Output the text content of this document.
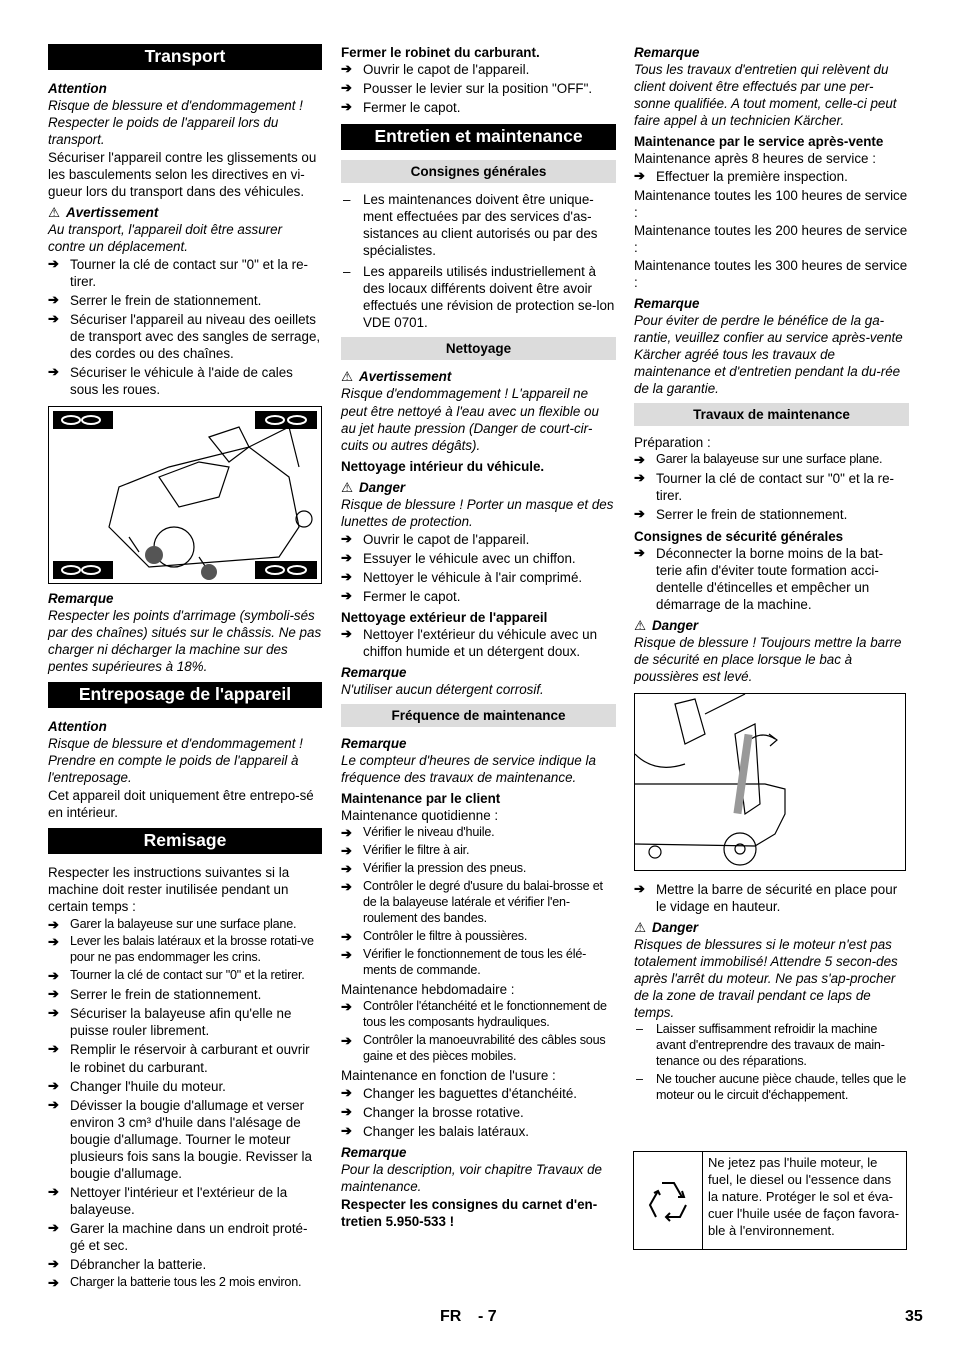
Transport
Attention

Risque de blessure et d'endommagement ! Respecter le poids de l'appareil lors du transport.

Sécuriser l'appareil contre les glissements ou les basculements selon les directives en vi-gueur lors du transport dans des véhicules.

⚠ Avertissement

Au transport, l'appareil doit être assurer contre un déplacement.

➔ Tourner la clé de contact sur "0" et la re-tirer.
➔ Serrer le frein de stationnement.
➔ Sécuriser l'appareil au niveau des oeillets de transport avec des sangles de serrage, des cordes ou des chaînes.
➔ Sécuriser le véhicule à l'aide de cales sous les roues.
Remarque

Respecter les points d'arrimage (symboli-sés par des chaînes) situés sur le châssis. Ne pas charger ni décharger la machine sur des pentes supérieures à 18%.

Entreposage de l'appareil
Attention

Risque de blessure et d'endommagement ! Prendre en compte le poids de l'appareil à l'entreposage.

Cet appareil doit uniquement être entrepo-sé en intérieur.

Remisage

Respecter les instructions suivantes si la machine doit rester inutilisée pendant un certain temps :

➔ Garer la balayeuse sur une surface plane.
➔ Lever les balais latéraux et la brosse rotati-ve pour ne pas endommager les crins.
➔ Tourner la clé de contact sur "0" et la retirer.
➔ Serrer le frein de stationnement.
➔ Sécuriser la balayeuse afin qu'elle ne puisse rouler librement.
➔ Remplir le réservoir à carburant et ouvrir le robinet du carburant.
➔ Changer l'huile du moteur.
➔ Dévisser la bougie d'allumage et verser environ 3 cm³ d'huile dans l'alésage de bougie d'allumage. Tourner le moteur plusieurs fois sans la bougie. Revisser la bougie d'allumage.
➔ Nettoyer l'intérieur et l'extérieur de la balayeuse.
➔ Garer la machine dans un endroit proté-gé et sec.
➔ Débrancher la batterie.
➔ Charger la batterie tous les 2 mois environ.
Fermer le robinet du carburant.
➔ Ouvrir le capot de l'appareil.
➔ Pousser le levier sur la position "OFF".
➔ Fermer le capot.
Entretien et maintenance
Consignes générales
– Les maintenances doivent être unique-ment effectuées par des services d'as-sistances au client autorisés ou par des spécialistes.
– Les appareils utilisés industriellement à des locaux différents doivent être avoir effectués une révision de protection se-lon VDE 0701.
Nettoyage
⚠ Avertissement

Risque d'endommagement ! L'appareil ne peut être nettoyé à l'eau avec un flexible ou au jet haute pression (Danger de court-cir-cuits ou autres dégâts).

Nettoyage intérieur du véhicule.
⚠ Danger

Risque de blessure ! Porter un masque et des lunettes de protection.

➔ Ouvrir le capot de l'appareil.
➔ Essuyer le véhicule avec un chiffon.
➔ Nettoyer le véhicule à l'air comprimé.
➔ Fermer le capot.
Nettoyage extérieur de l'appareil
➔ Nettoyer l'extérieur du véhicule avec un chiffon humide et un détergent doux.
Remarque

N'utiliser aucun détergent corrosif.

Fréquence de maintenance
Remarque

Le compteur d'heures de service indique la fréquence des travaux de maintenance.

Maintenance par le client

Maintenance quotidienne :

➔ Vérifier le niveau d'huile.
➔ Vérifier le filtre à air.
➔ Vérifier la pression des pneus.
➔ Contrôler le degré d'usure du balai-brosse et de la balayeuse latérale et vérifier l'en-roulement des bandes.
➔ Contrôler le filtre à poussières.
➔ Vérifier le fonctionnement de tous les élé-ments de commande.

Maintenance hebdomadaire :

➔ Contrôler l'étanchéité et le fonctionnement de tous les composants hydrauliques.
➔ Contrôler la manoeuvrabilité des câbles sous gaine et des pièces mobiles.

Maintenance en fonction de l'usure :

➔ Changer les baguettes d'étanchéité.
➔ Changer la brosse rotative.
➔ Changer les balais latéraux.
Remarque

Pour la description, voir chapitre Travaux de maintenance.

Respecter les consignes du carnet d'en-tretien 5.950-533 !
Remarque

Tous les travaux d'entretien qui relèvent du client doivent être effectués par une per-sonne qualifiée. A tout moment, celle-ci peut faire appel à un technicien Kärcher.

Maintenance par le service après-vente

Maintenance après 8 heures de service :

➔ Effectuer la première inspection.

Maintenance toutes les 100 heures de service :

Maintenance toutes les 200 heures de service :

Maintenance toutes les 300 heures de service :

Remarque

Pour éviter de perdre le bénéfice de la ga-rantie, veuillez confier au service après-vente Kärcher agréé tous les travaux de maintenance et d'entretien pendant la du-rée de la garantie.

Travaux de maintenance

Préparation :

➔ Garer la balayeuse sur une surface plane.
➔ Tourner la clé de contact sur "0" et la re-tirer.
➔ Serrer le frein de stationnement.
Consignes de sécurité générales
➔ Déconnecter la borne moins de la bat-terie afin d'éviter toute formation acci-dentelle d'étincelles et empêcher un démarrage de la machine.
⚠ Danger

Risque de blessure ! Toujours mettre la barre de sécurité en place lorsque le bac à poussières est levé.

➔ Mettre la barre de sécurité en place pour le vidage en hauteur.
⚠ Danger

Risques de blessures si le moteur n'est pas totalement immobilisé! Attendre 5 secon-des après l'arrêt du moteur. Ne pas s'ap-procher de la zone de travail pendant ce laps de temps.

– Laisser suffisamment refroidir la machine avant d'entreprendre des travaux de main-tenance ou des réparations.
– Ne toucher aucune pièce chaude, telles que le moteur ou le circuit d'échappement.
Ne jetez pas l'huile moteur, le fuel, le diesel ou l'essence dans la nature. Protéger le sol et éva-cuer l'huile usée de façon favora-ble à l'environnement.
FR - 7	35
